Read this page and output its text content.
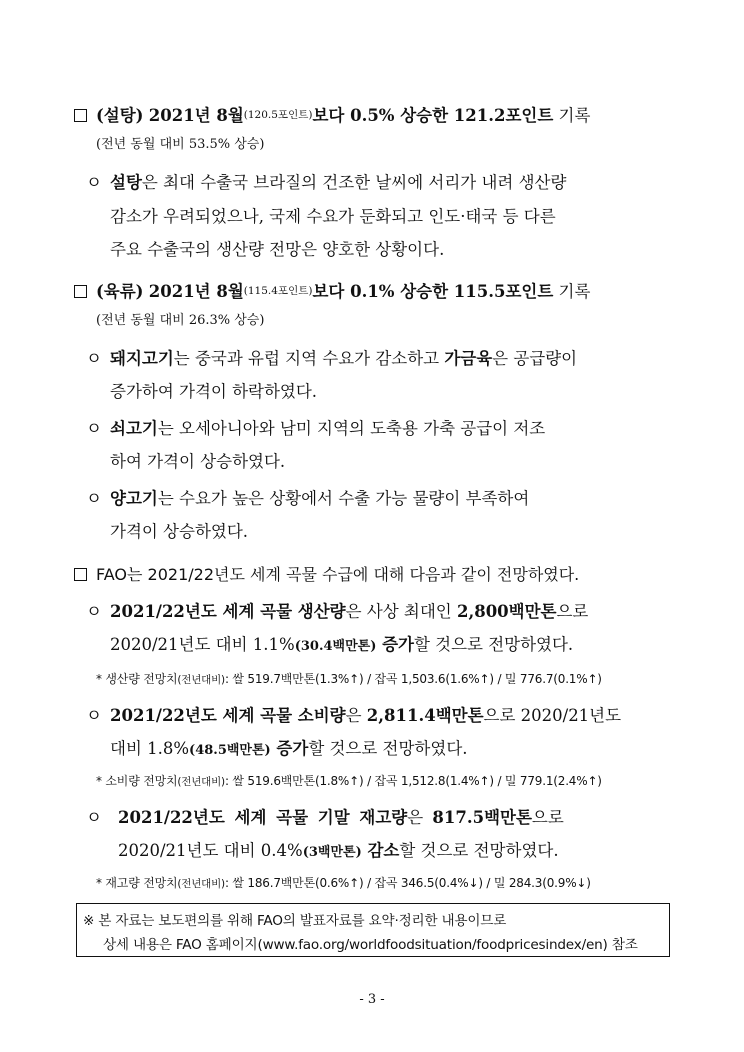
(설탕)
2021년 8월 (120.5포인트) 보다 0.5% 상승한 121.2포인트 기록
(전년 동월 대비 53.5% 상승)
ㅇ 설탕은 최대 수출국 브라질의 건조한 날씨에 서리가 내려 생산량
감소가 우려되었으나, 국제 수요가 둔화되고 인도·태국 등 다른
주요 수출국의 생산량 전망은 양호한 상황이다.
(육류)
2021년 8월 (115.4포인트) 보다 0.1% 상승한 115.5포인트 기록
(전년 동월 대비 26.3% 상승)
ㅇ 돼지고기는 중국과 유럽 지역 수요가 감소하고 가금육은 공급량이
증가하여 가격이 하락하였다.
ㅇ 쇠고기는 오세아니아와 남미 지역의 도축용 가축 공급이 저조
하여 가격이 상승하였다.
ㅇ 양고기는 수요가 높은 상황에서 수출 가능 물량이 부족하여
가격이 상승하였다.
FAO는 2021/22년도 세계 곡물 수급에 대해 다음과 같이 전망하였다.
ㅇ 2021/22년도 세계 곡물 생산량은 사상 최대인 2,800백만톤으로
2020/21년도 대비 1.1%(30.4백만톤) 증가할 것으로 전망하였다.
* 생산량 전망치(전년대비): 쌀 519.7백만톤(1.3%↑) / 잡곡 1,503.6(1.6%↑) / 밀 776.7(0.1%↑)
ㅇ 2021/22년도 세계 곡물 소비량은 2,811.4백만톤으로 2020/21년도
대비 1.8%(48.5백만톤) 증가할 것으로 전망하였다.
* 소비량 전망치(전년대비): 쌀 519.6백만톤(1.8%↑) / 잡곡 1,512.8(1.4%↑) / 밀 779.1(2.4%↑)
ㅇ 2021/22년도 세계 곡물 기말 재고량은 817.5백만톤으로
2020/21년도 대비 0.4%(3백만톤) 감소할 것으로 전망하였다.
* 재고량 전망치(전년대비): 쌀 186.7백만톤(0.6%↑) / 잡곡 346.5(0.4%↓) / 밀 284.3(0.9%↓)
※ 본 자료는 보도편의를 위해 FAO의 발표자료를 요약·정리한 내용이므로
상세 내용은 FAO 홈페이지(www.fao.org/worldfoodsituation/foodpricesindex/en) 참조
- 3 -
